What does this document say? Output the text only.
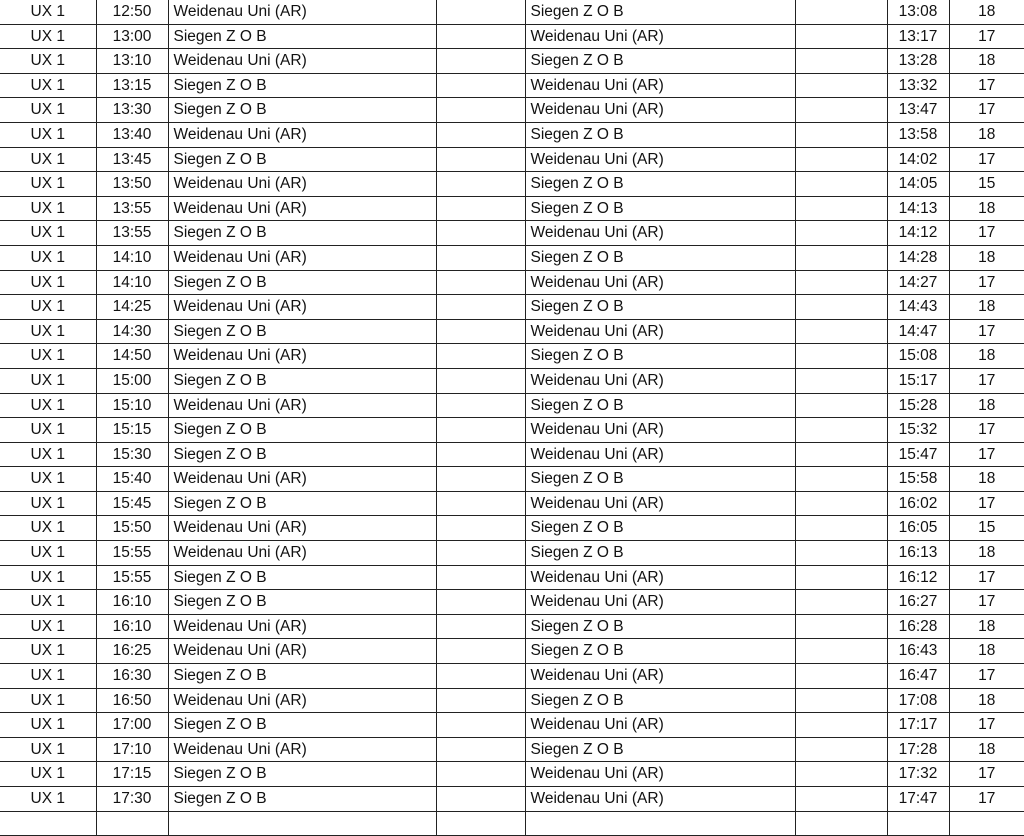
UX 1	12:50	Weidenau Uni (AR)		Siegen Z O B		13:08	18
UX 1	13:00	Siegen Z O B		Weidenau Uni (AR)		13:17	17
UX 1	13:10	Weidenau Uni (AR)		Siegen Z O B		13:28	18
UX 1	13:15	Siegen Z O B		Weidenau Uni (AR)		13:32	17
UX 1	13:30	Siegen Z O B		Weidenau Uni (AR)		13:47	17
UX 1	13:40	Weidenau Uni (AR)		Siegen Z O B		13:58	18
UX 1	13:45	Siegen Z O B		Weidenau Uni (AR)		14:02	17
UX 1	13:50	Weidenau Uni (AR)		Siegen Z O B		14:05	15
UX 1	13:55	Weidenau Uni (AR)		Siegen Z O B		14:13	18
UX 1	13:55	Siegen Z O B		Weidenau Uni (AR)		14:12	17
UX 1	14:10	Weidenau Uni (AR)		Siegen Z O B		14:28	18
UX 1	14:10	Siegen Z O B		Weidenau Uni (AR)		14:27	17
UX 1	14:25	Weidenau Uni (AR)		Siegen Z O B		14:43	18
UX 1	14:30	Siegen Z O B		Weidenau Uni (AR)		14:47	17
UX 1	14:50	Weidenau Uni (AR)		Siegen Z O B		15:08	18
UX 1	15:00	Siegen Z O B		Weidenau Uni (AR)		15:17	17
UX 1	15:10	Weidenau Uni (AR)		Siegen Z O B		15:28	18
UX 1	15:15	Siegen Z O B		Weidenau Uni (AR)		15:32	17
UX 1	15:30	Siegen Z O B		Weidenau Uni (AR)		15:47	17
UX 1	15:40	Weidenau Uni (AR)		Siegen Z O B		15:58	18
UX 1	15:45	Siegen Z O B		Weidenau Uni (AR)		16:02	17
UX 1	15:50	Weidenau Uni (AR)		Siegen Z O B		16:05	15
UX 1	15:55	Weidenau Uni (AR)		Siegen Z O B		16:13	18
UX 1	15:55	Siegen Z O B		Weidenau Uni (AR)		16:12	17
UX 1	16:10	Siegen Z O B		Weidenau Uni (AR)		16:27	17
UX 1	16:10	Weidenau Uni (AR)		Siegen Z O B		16:28	18
UX 1	16:25	Weidenau Uni (AR)		Siegen Z O B		16:43	18
UX 1	16:30	Siegen Z O B		Weidenau Uni (AR)		16:47	17
UX 1	16:50	Weidenau Uni (AR)		Siegen Z O B		17:08	18
UX 1	17:00	Siegen Z O B		Weidenau Uni (AR)		17:17	17
UX 1	17:10	Weidenau Uni (AR)		Siegen Z O B		17:28	18
UX 1	17:15	Siegen Z O B		Weidenau Uni (AR)		17:32	17
UX 1	17:30	Siegen Z O B		Weidenau Uni (AR)		17:47	17
